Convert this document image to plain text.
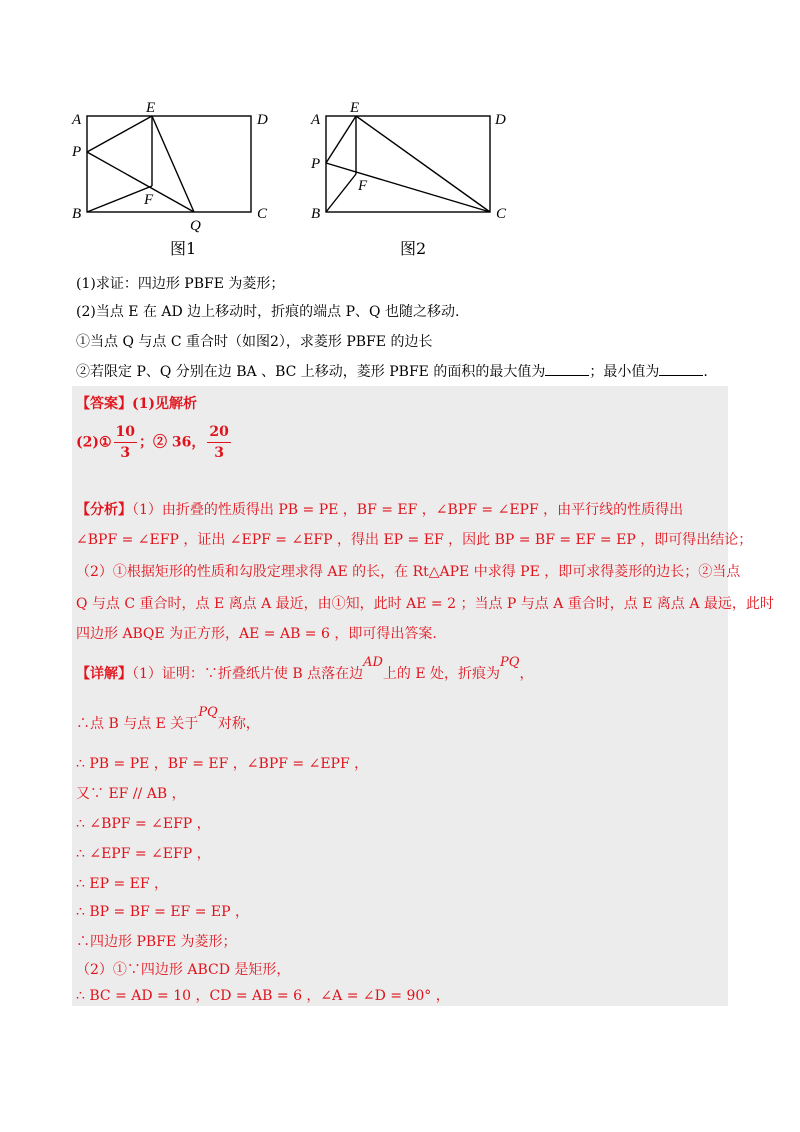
A
E
D
P
B
F
Q
C
A
E
D
P
B
F
C
图1	图2
(1)求证：四边形 PBFE 为菱形；
(2)当点 E 在 AD 边上移动时，折痕的端点 P、Q 也随之移动.
①当点 Q 与点 C 重合时（如图2），求菱形 PBFE 的边长
②若限定 P、Q 分别在边 BA 、BC 上移动，菱形 PBFE 的面积的最大值为	；最小值为	.
【答案】(1)见解析
(2)① $\frac{10}{3}$ ；② 36， $\frac{20}{3}$
【分析】（1）由折叠的性质得出 PB = PE ，BF = EF ，∠BPF = ∠EPF ，由平行线的性质得出
∠BPF = ∠EFP ，证出 ∠EPF = ∠EFP ，得出 EP = EF ，因此 BP = BF = EF = EP ，即可得出结论；
（2）①根据矩形的性质和勾股定理求得 AE 的长，在 Rt△APE 中求得 PE ，即可求得菱形的边长；②当点
Q 与点 C 重合时，点 E 离点 A 最近，由①知，此时 AE = 2 ；当点 P 与点 A 重合时，点 E 离点 A 最远，此时
四边形 ABQE 为正方形，AE = AB = 6 ，即可得出答案.
【详解】（1）证明：∵折叠纸片使 B 点落在边AD上的 E 处，折痕为PQ，
∴点 B 与点 E 关于PQ对称，
∴ PB = PE ，BF = EF ，∠BPF = ∠EPF ，
又∵ EF // AB ，
∴ ∠BPF = ∠EFP ，
∴ ∠EPF = ∠EFP ，
∴ EP = EF ，
∴ BP = BF = EF = EP ，
∴四边形 PBFE 为菱形；
（2）①∵四边形 ABCD 是矩形，
∴ BC = AD = 10 ，CD = AB = 6 ，∠A = ∠D = 90° ，
